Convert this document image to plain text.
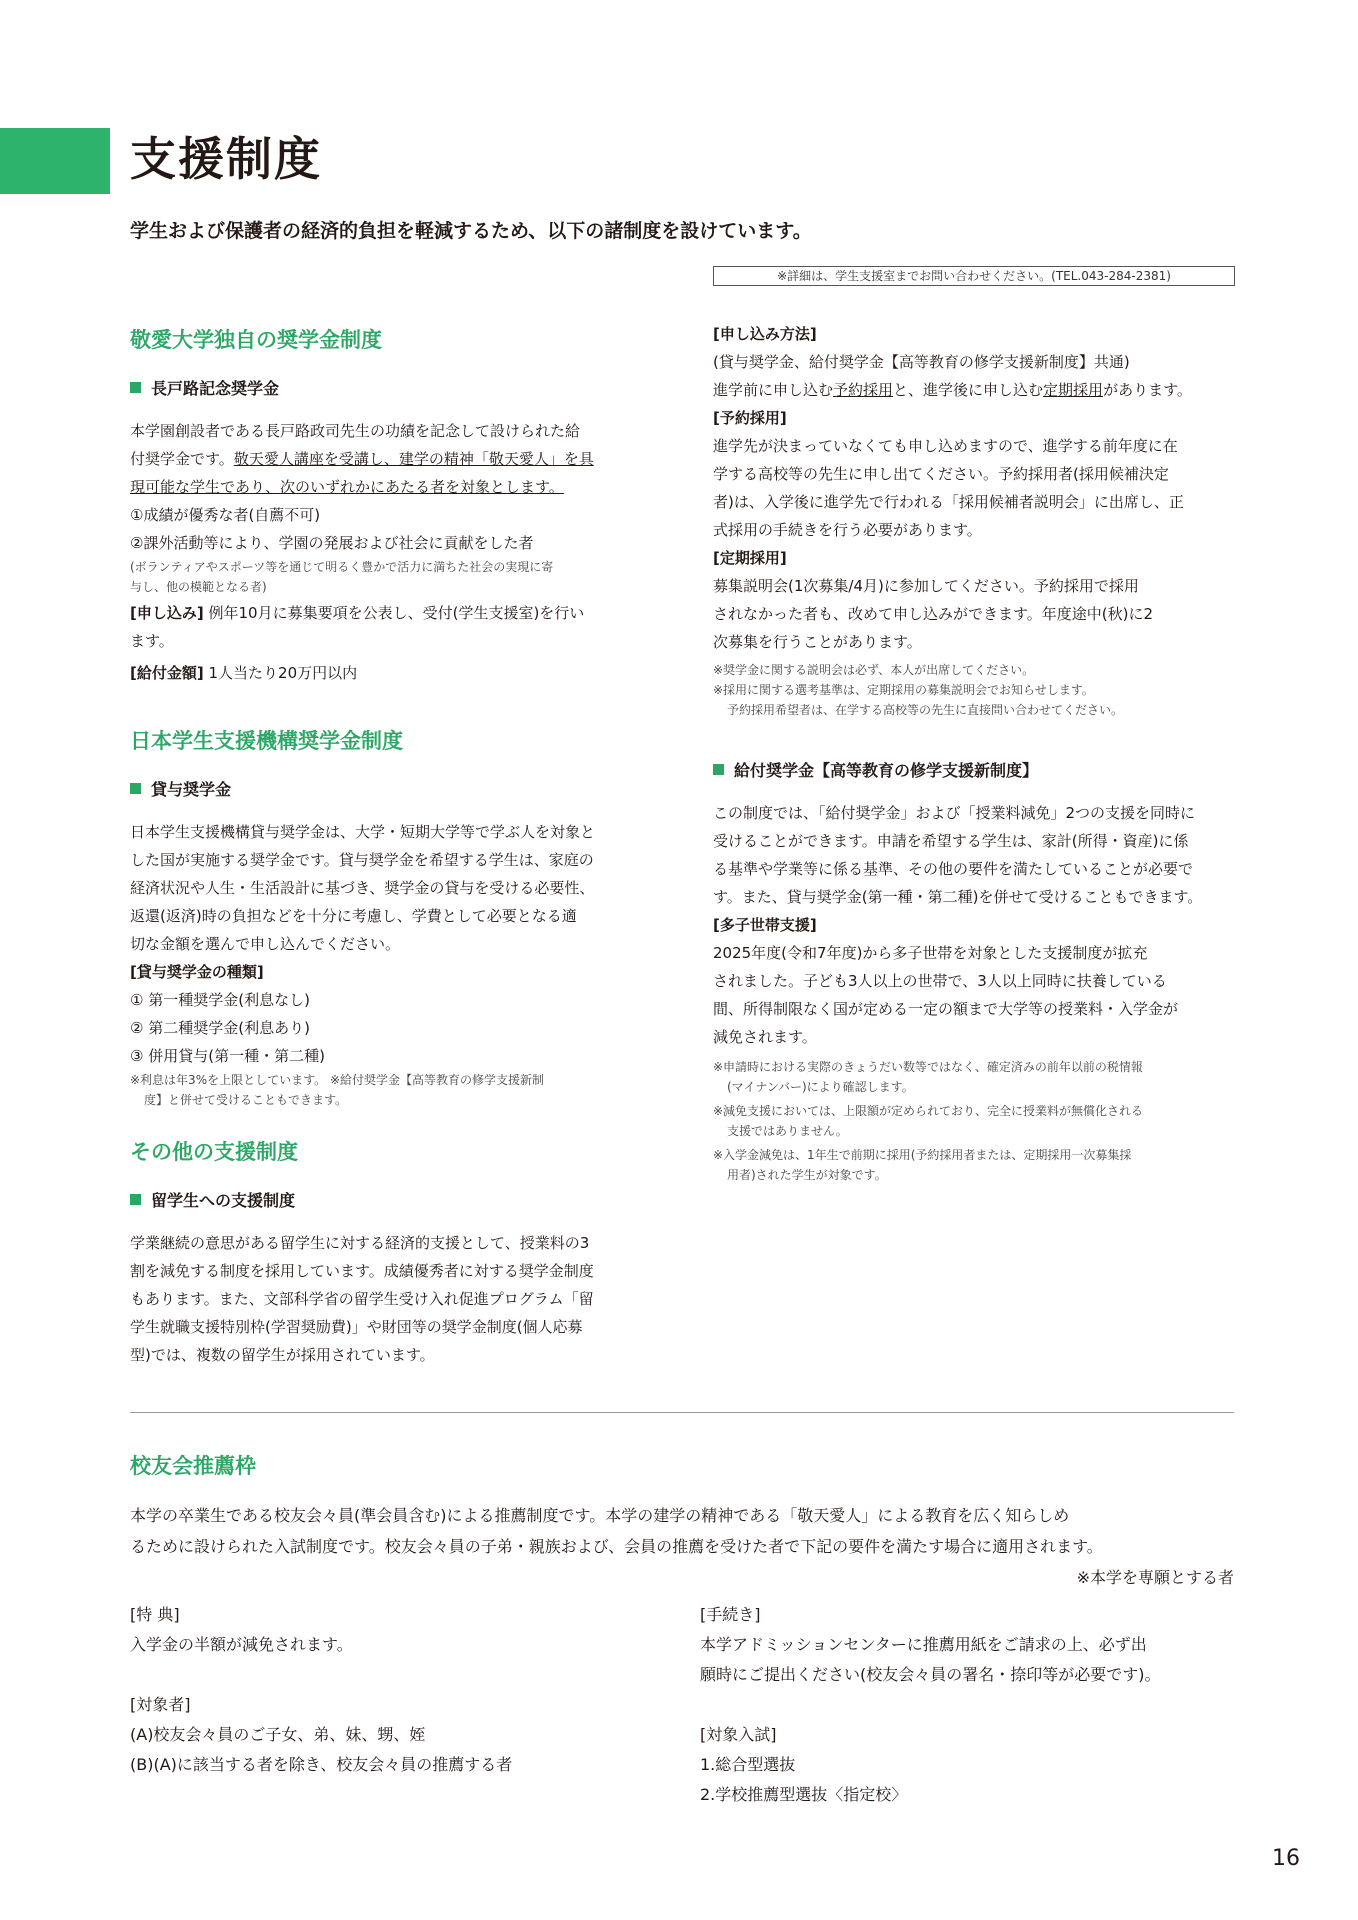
支援制度
学生および保護者の経済的負担を軽減するため、以下の諸制度を設けています。
※詳細は、学生支援室までお問い合わせください。(TEL.043-284-2381)
敬愛大学独自の奨学金制度
長戸路記念奨学金

本学園創設者である長戸路政司先生の功績を記念して設けられた給

付奨学金です。敬天愛人講座を受講し、建学の精神「敬天愛人」を具

現可能な学生であり、次のいずれかにあたる者を対象とします。

①成績が優秀な者(自薦不可)

②課外活動等により、学園の発展および社会に貢献をした者

(ボランティアやスポーツ等を通じて明るく豊かで活力に満ちた社会の実現に寄

与し、他の模範となる者)

[申し込み] 例年10月に募集要項を公表し、受付(学生支援室)を行い

ます。

[給付金額] 1人当たり20万円以内

日本学生支援機構奨学金制度
貸与奨学金

日本学生支援機構貸与奨学金は、大学・短期大学等で学ぶ人を対象と

した国が実施する奨学金です。貸与奨学金を希望する学生は、家庭の

経済状況や人生・生活設計に基づき、奨学金の貸与を受ける必要性、

返還(返済)時の負担などを十分に考慮し、学費として必要となる適

切な金額を選んで申し込んでください。

[貸与奨学金の種類]

① 第一種奨学金(利息なし)

② 第二種奨学金(利息あり)

③ 併用貸与(第一種・第二種)

※利息は年3%を上限としています。 ※給付奨学金【高等教育の修学支援新制

度】と併せて受けることもできます。

その他の支援制度
留学生への支援制度

学業継続の意思がある留学生に対する経済的支援として、授業料の3

割を減免する制度を採用しています。成績優秀者に対する奨学金制度

もあります。また、文部科学省の留学生受け入れ促進プログラム「留

学生就職支援特別枠(学習奨励費)」や財団等の奨学金制度(個人応募

型)では、複数の留学生が採用されています。

[申し込み方法]

(貸与奨学金、給付奨学金【高等教育の修学支援新制度】共通)

進学前に申し込む予約採用と、進学後に申し込む定期採用があります。

[予約採用]

進学先が決まっていなくても申し込めますので、進学する前年度に在

学する高校等の先生に申し出てください。予約採用者(採用候補決定

者)は、入学後に進学先で行われる「採用候補者説明会」に出席し、正

式採用の手続きを行う必要があります。

[定期採用]

募集説明会(1次募集/4月)に参加してください。予約採用で採用

されなかった者も、改めて申し込みができます。年度途中(秋)に2

次募集を行うことがあります。

※奨学金に関する説明会は必ず、本人が出席してください。

※採用に関する選考基準は、定期採用の募集説明会でお知らせします。

予約採用希望者は、在学する高校等の先生に直接問い合わせてください。

給付奨学金【高等教育の修学支援新制度】

この制度では、「給付奨学金」および「授業料減免」2つの支援を同時に

受けることができます。申請を希望する学生は、家計(所得・資産)に係

る基準や学業等に係る基準、その他の要件を満たしていることが必要で

す。また、貸与奨学金(第一種・第二種)を併せて受けることもできます。

[多子世帯支援]

2025年度(令和7年度)から多子世帯を対象とした支援制度が拡充

されました。子ども3人以上の世帯で、3人以上同時に扶養している

間、所得制限なく国が定める一定の額まで大学等の授業料・入学金が

減免されます。

※申請時における実際のきょうだい数等ではなく、確定済みの前年以前の税情報

(マイナンバー)により確認します。

※減免支援においては、上限額が定められており、完全に授業料が無償化される

支援ではありません。

※入学金減免は、1年生で前期に採用(予約採用者または、定期採用一次募集採

用者)された学生が対象です。

校友会推薦枠

本学の卒業生である校友会々員(準会員含む)による推薦制度です。本学の建学の精神である「敬天愛人」による教育を広く知らしめ

るために設けられた入試制度です。校友会々員の子弟・親族および、会員の推薦を受けた者で下記の要件を満たす場合に適用されます。

※本学を専願とする者

[特 典]

入学金の半額が減免されます。

[対象者]

(A)校友会々員のご子女、弟、妹、甥、姪

(B)(A)に該当する者を除き、校友会々員の推薦する者

[手続き]

本学アドミッションセンターに推薦用紙をご請求の上、必ず出

願時にご提出ください(校友会々員の署名・捺印等が必要です)。

[対象入試]

1.総合型選抜

2.学校推薦型選抜〈指定校〉

16
